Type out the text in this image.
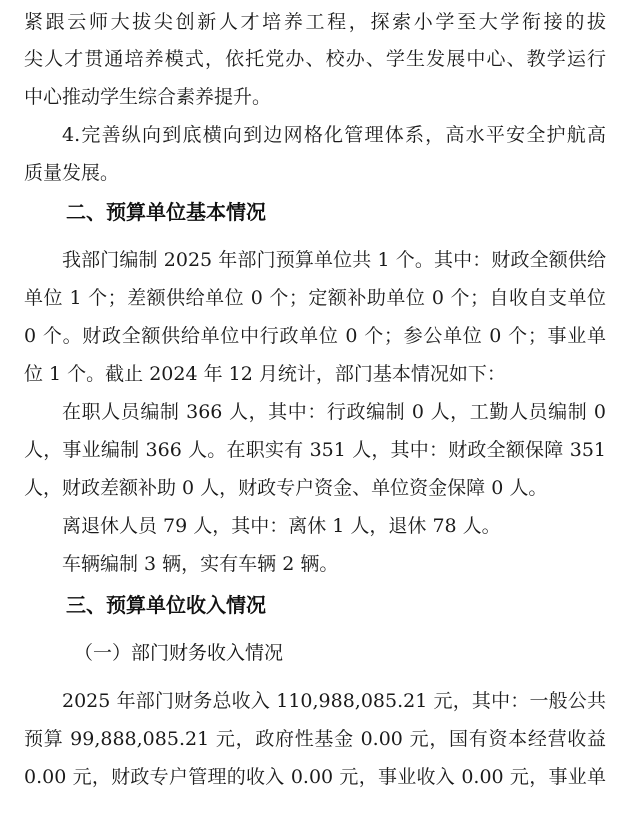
紧跟云师大拔尖创新人才培养工程，探索小学至大学衔接的拔
尖人才贯通培养模式，依托党办、校办、学生发展中心、教学运行
中心推动学生综合素养提升。
4.完善纵向到底横向到边网格化管理体系，高水平安全护航高
质量发展。
二、预算单位基本情况
我部门编制 2025 年部门预算单位共 1 个。其中：财政全额供给
单位 1 个；差额供给单位 0 个；定额补助单位 0 个；自收自支单位
0 个。财政全额供给单位中行政单位 0 个；参公单位 0 个；事业单
位 1 个。截止 2024 年 12 月统计，部门基本情况如下：
在职人员编制 366 人，其中：行政编制 0 人，工勤人员编制 0
人，事业编制 366 人。在职实有 351 人，其中：财政全额保障 351
人，财政差额补助 0 人，财政专户资金、单位资金保障 0 人。
离退休人员 79 人，其中：离休 1 人，退休 78 人。
车辆编制 3 辆，实有车辆 2 辆。
三、预算单位收入情况
（一）部门财务收入情况
2025 年部门财务总收入 110,988,085.21 元，其中：一般公共
预算 99,888,085.21 元，政府性基金 0.00 元，国有资本经营收益
0.00 元，财政专户管理的收入 0.00 元，事业收入 0.00 元，事业单
